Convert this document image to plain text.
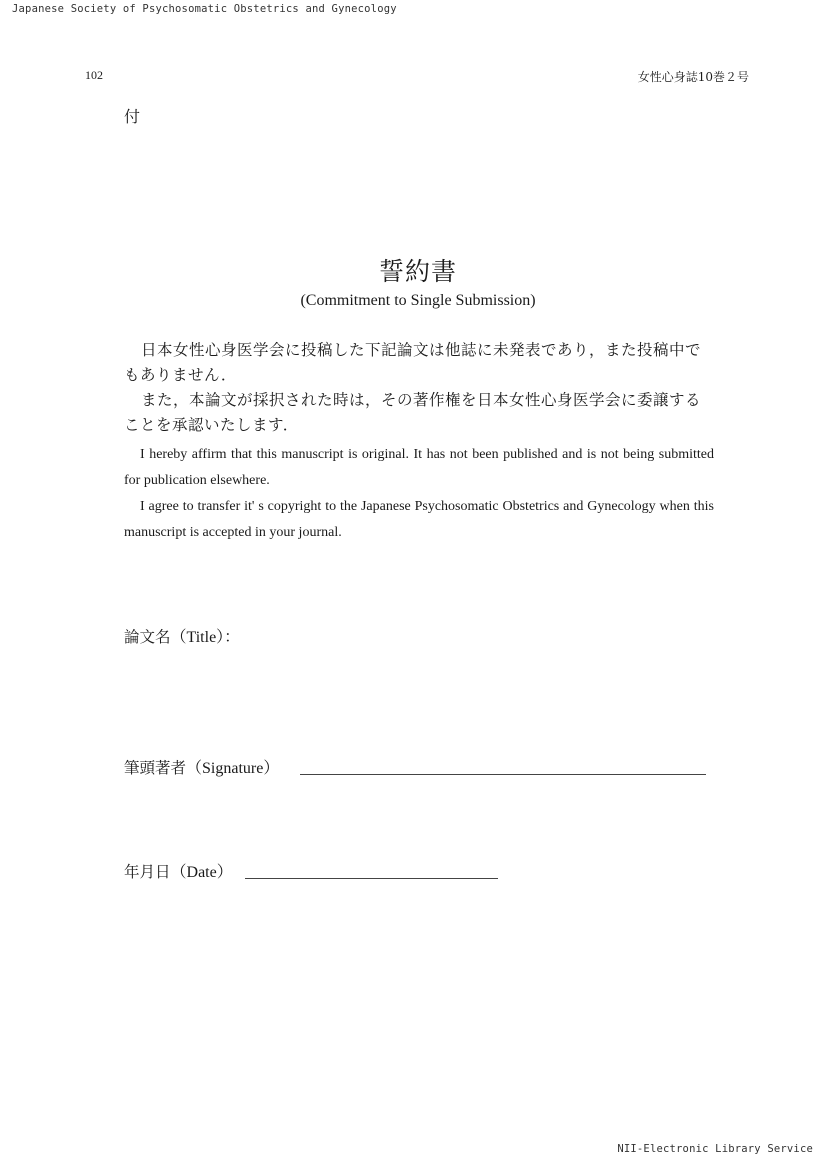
Japanese Society of Psychosomatic Obstetrics and Gynecology
102	女性心身誌10巻２号
付
誓約書
(Commitment to Single Submission)

日本女性心身医学会に投稿した下記論文は他誌に未発表であり，また投稿中でもありません．

また，本論文が採択された時は，その著作権を日本女性心身医学会に委譲することを承認いたします．

I hereby affirm that this manuscript is original. It has not been published and is not being submitted for publication elsewhere.

I agree to transfer it' s copyright to the Japanese Psychosomatic Obstetrics and Gynecology when this manuscript is accepted in your journal.

論文名（Title）：
筆頭著者（Signature）
年月日（Date）
NII-Electronic Library Service
